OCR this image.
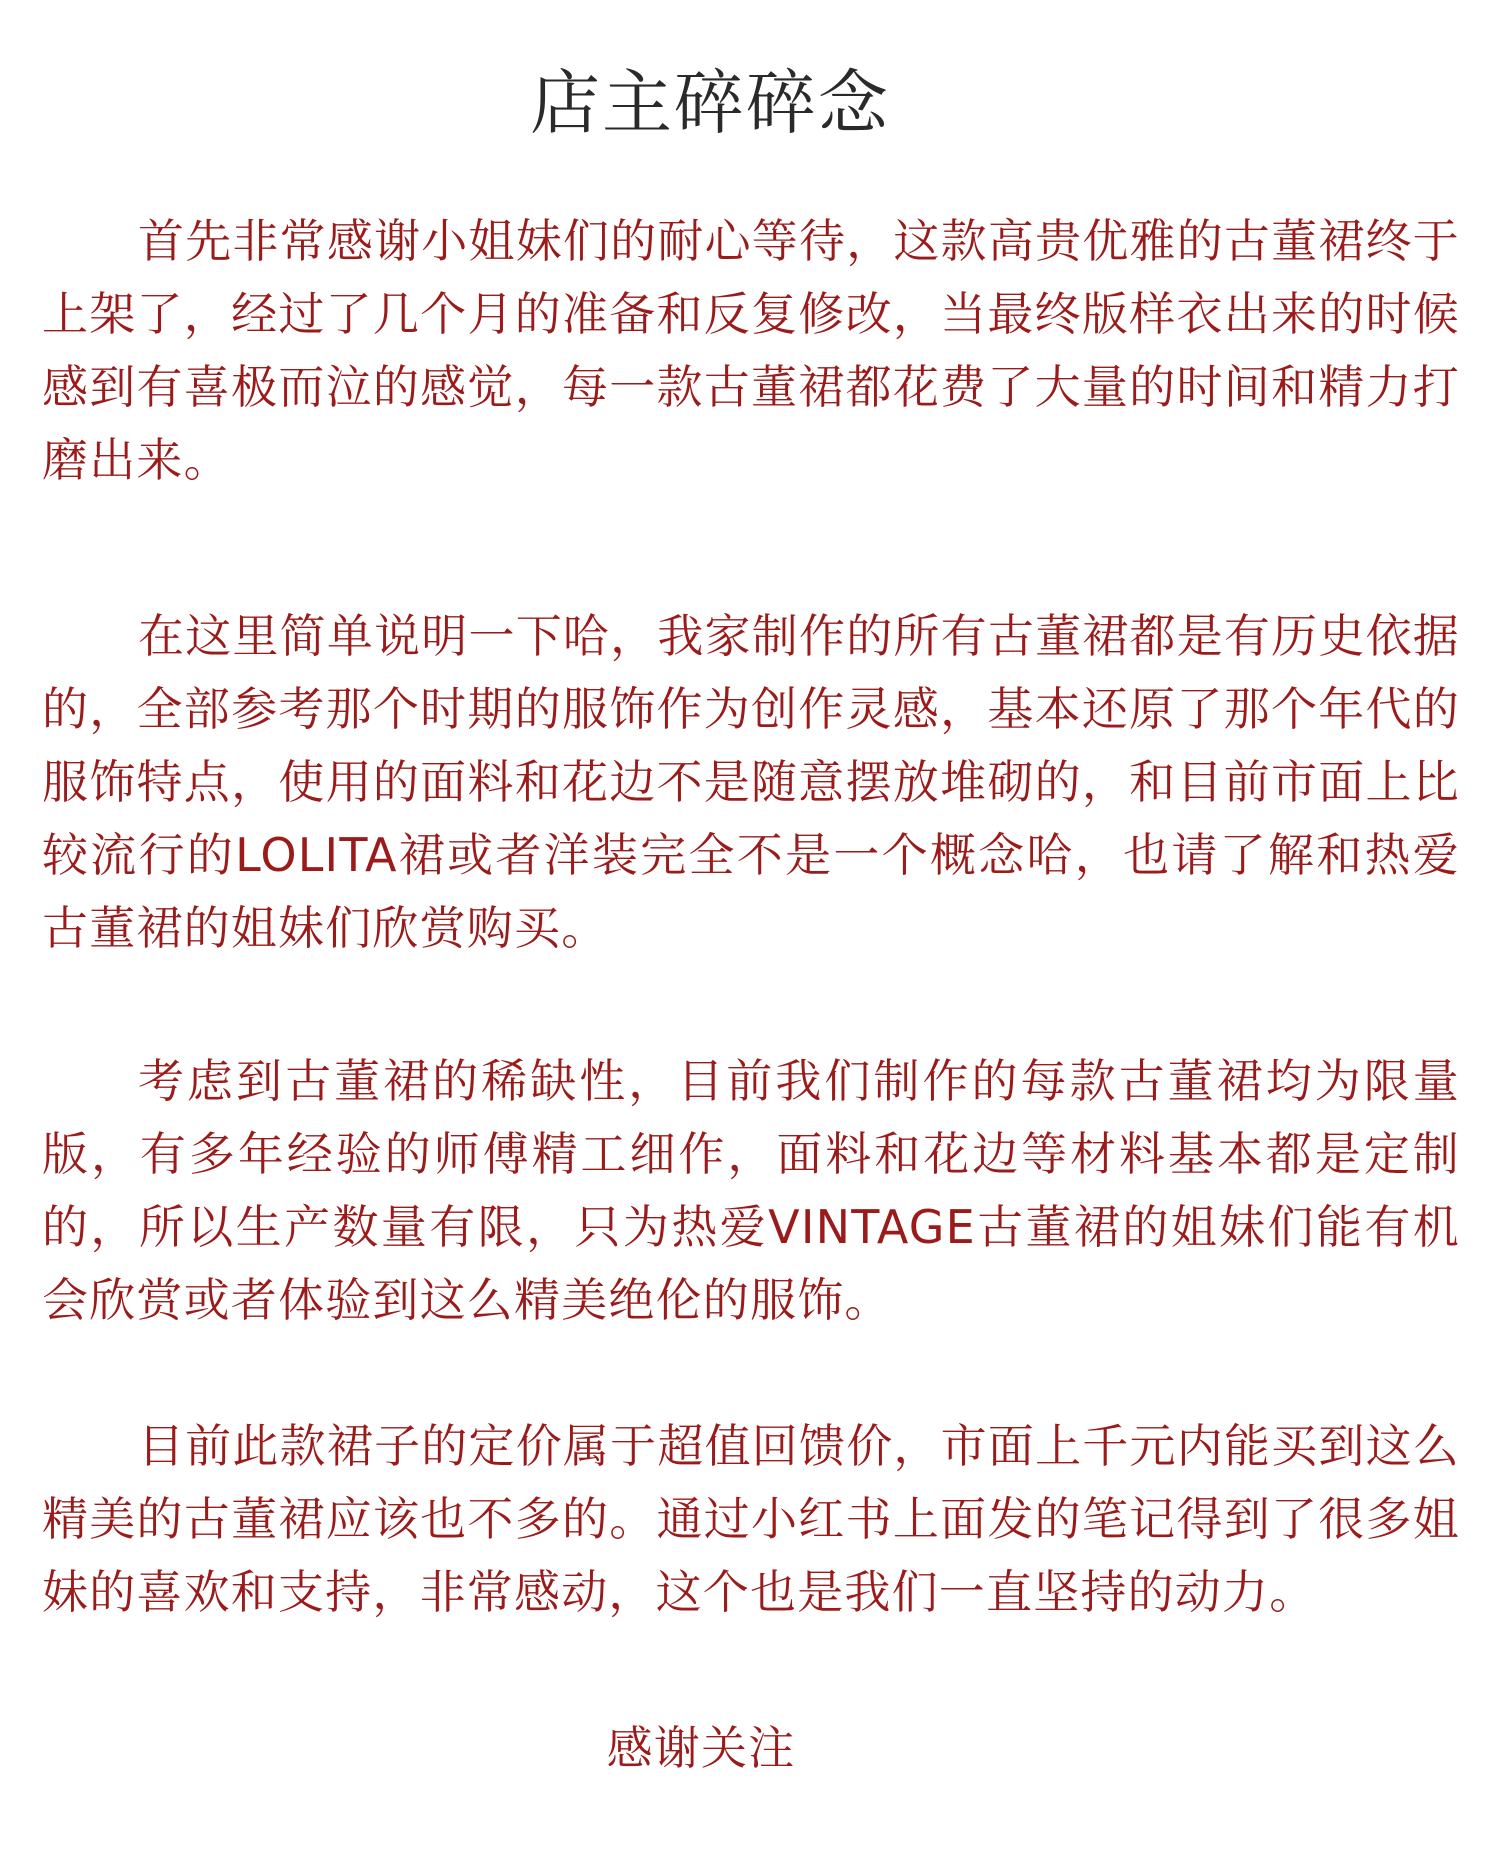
店主碎碎念

首先非常感谢小姐妹们的耐心等待，这款高贵优雅的古董裙终于上架了，经过了几个月的准备和反复修改，当最终版样衣出来的时候感到有喜极而泣的感觉，每一款古董裙都花费了大量的时间和精力打磨出来。

在这里简单说明一下哈，我家制作的所有古董裙都是有历史依据的，全部参考那个时期的服饰作为创作灵感，基本还原了那个年代的服饰特点，使用的面料和花边不是随意摆放堆砌的，和目前市面上比较流行的LOLITA裙或者洋装完全不是一个概念哈，也请了解和热爱古董裙的姐妹们欣赏购买。

考虑到古董裙的稀缺性，目前我们制作的每款古董裙均为限量版，有多年经验的师傅精工细作，面料和花边等材料基本都是定制的，所以生产数量有限，只为热爱VINTAGE古董裙的姐妹们能有机会欣赏或者体验到这么精美绝伦的服饰。

目前此款裙子的定价属于超值回馈价，市面上千元内能买到这么精美的古董裙应该也不多的。通过小红书上面发的笔记得到了很多姐妹的喜欢和支持，非常感动，这个也是我们一直坚持的动力。

感谢关注
